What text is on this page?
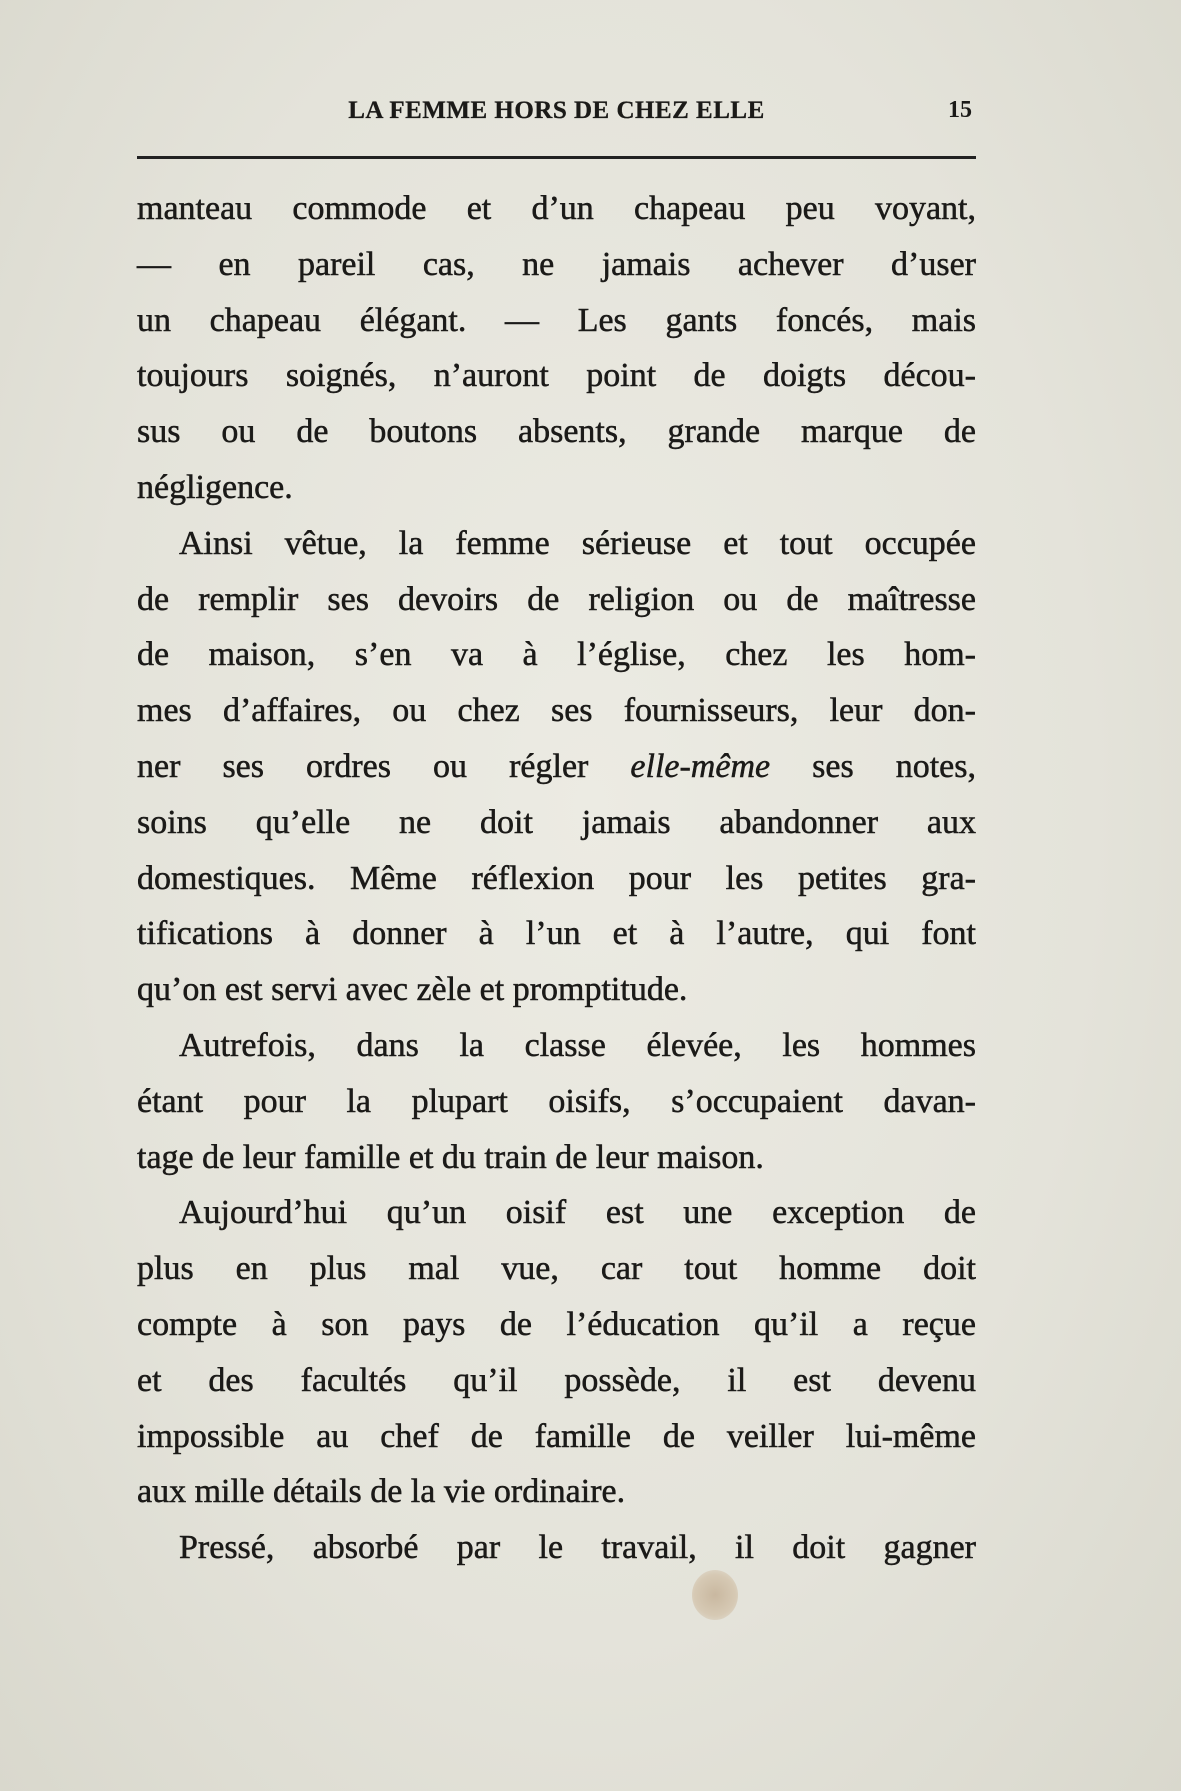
LA FEMME HORS DE CHEZ ELLE	15
manteau commode et d’un chapeau peu voyant,
— en pareil cas, ne jamais achever d’user
un chapeau élégant. — Les gants foncés, mais
toujours soignés, n’auront point de doigts décou-
sus ou de boutons absents, grande marque de
négligence.
Ainsi vêtue, la femme sérieuse et tout occupée
de remplir ses devoirs de religion ou de maîtresse
de maison, s’en va à l’église, chez les hom-
mes d’affaires, ou chez ses fournisseurs, leur don-
ner ses ordres ou régler elle-même ses notes,
soins qu’elle ne doit jamais abandonner aux
domestiques. Même réflexion pour les petites gra-
tifications à donner à l’un et à l’autre, qui font
qu’on est servi avec zèle et promptitude.
Autrefois, dans la classe élevée, les hommes
étant pour la plupart oisifs, s’occupaient davan-
tage de leur famille et du train de leur maison.
Aujourd’hui qu’un oisif est une exception de
plus en plus mal vue, car tout homme doit
compte à son pays de l’éducation qu’il a reçue
et des facultés qu’il possède, il est devenu
impossible au chef de famille de veiller lui-même
aux mille détails de la vie ordinaire.
Pressé, absorbé par le travail, il doit gagner
